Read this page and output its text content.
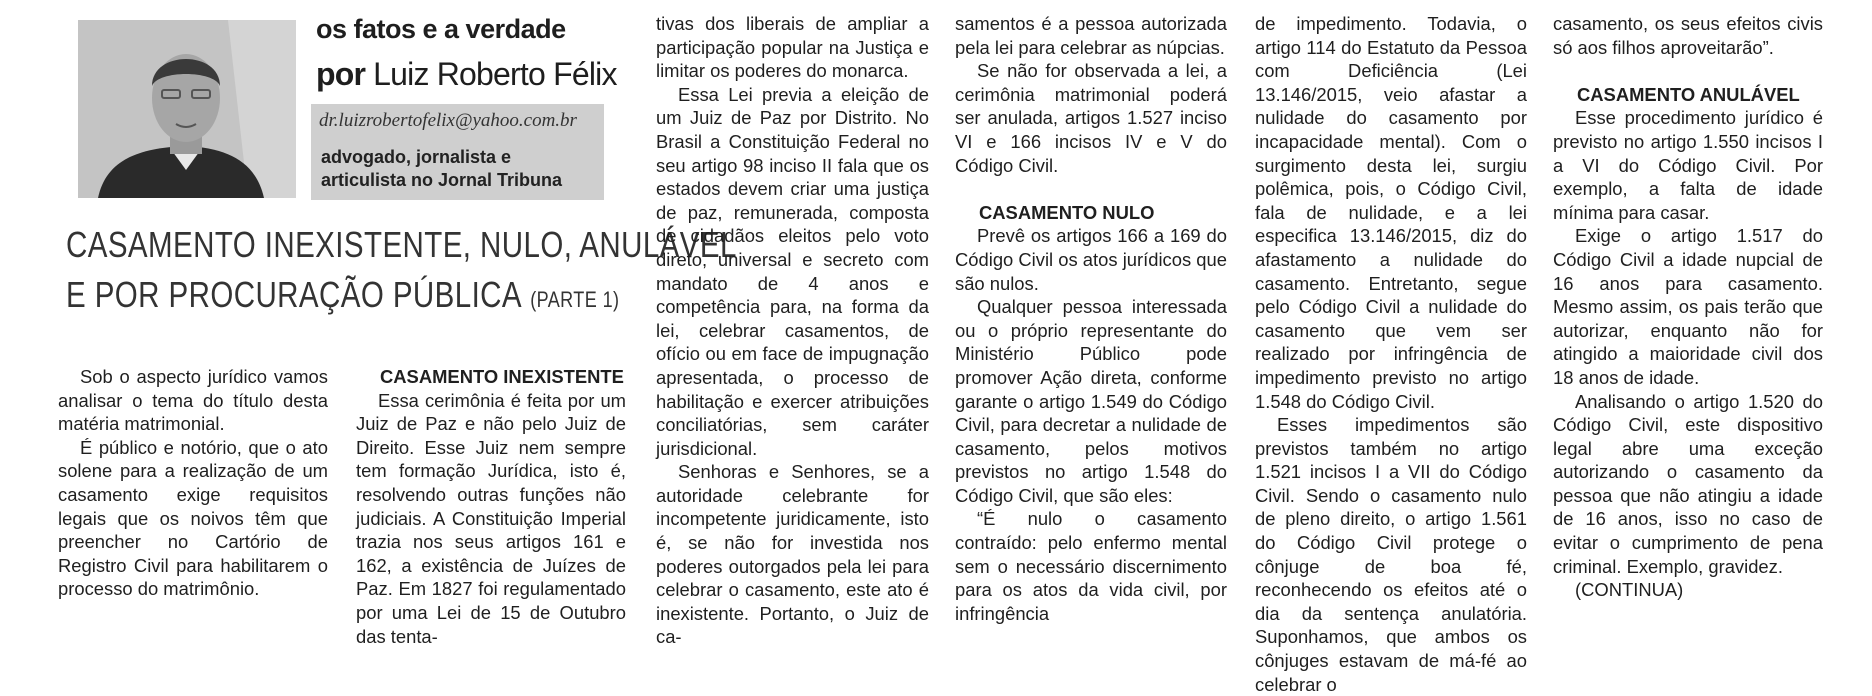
os fatos e a verdade
por Luiz Roberto Félix
dr.luizrobertofelix@yahoo.com.br
advogado, jornalista e articulista no Jornal Tribuna
CASAMENTO INEXISTENTE, NULO, ANULÁVEL
E POR PROCURAÇÃO PÚBLICA (PARTE 1)

Sob o aspecto jurídico vamos analisar o tema do título desta matéria matrimonial.

É público e notório, que o ato solene para a realização de um casamento exige requisitos legais que os noivos têm que preencher no Cartório de Registro Civil para habilitarem o processo do matrimônio.

CASAMENTO INEXISTENTE

Essa cerimônia é feita por um Juiz de Paz e não pelo Juiz de Direito. Esse Juiz nem sempre tem formação Jurídica, isto é, resolvendo outras funções não judiciais. A Constituição Imperial trazia nos seus artigos 161 e 162, a existência de Juízes de Paz. Em 1827 foi regulamentado por uma Lei de 15 de Outubro das tenta-

tivas dos liberais de ampliar a participação popular na Justiça e limitar os poderes do monarca.

Essa Lei previa a eleição de um Juiz de Paz por Distrito. No Brasil a Constituição Federal no seu artigo 98 inciso II fala que os estados devem criar uma justiça de paz, remunerada, composta de cidadãos eleitos pelo voto direto, universal e secreto com mandato de 4 anos e competência para, na forma da lei, celebrar casamentos, de ofício ou em face de impugnação apresentada, o processo de habilitação e exercer atribuições conciliatórias, sem caráter jurisdicional.

Senhoras e Senhores, se a autoridade celebrante for incompetente juridicamente, isto é, se não for investida nos poderes outorgados pela lei para celebrar o casamento, este ato é inexistente. Portanto, o Juiz de ca-

samentos é a pessoa autorizada pela lei para celebrar as núpcias.

Se não for observada a lei, a cerimônia matrimonial poderá ser anulada, artigos 1.527 inciso VI e 166 incisos IV e V do Código Civil.

CASAMENTO NULO

Prevê os artigos 166 a 169 do Código Civil os atos jurídicos que são nulos.

Qualquer pessoa interessada ou o próprio representante do Ministério Público pode promover Ação direta, conforme garante o artigo 1.549 do Código Civil, para decretar a nulidade de casamento, pelos motivos previstos no artigo 1.548 do Código Civil, que são eles:

“É nulo o casamento contraído: pelo enfermo mental sem o necessário discernimento para os atos da vida civil, por infringência

de impedimento. Todavia, o artigo 114 do Estatuto da Pessoa com Deficiência (Lei 13.146/2015, veio afastar a nulidade do casamento por incapacidade mental). Com o surgimento desta lei, surgiu polêmica, pois, o Código Civil, fala de nulidade, e a lei especifica 13.146/2015, diz do afastamento a nulidade do casamento. Entretanto, segue pelo Código Civil a nulidade do casamento que vem ser realizado por infringência de impedimento previsto no artigo 1.548 do Código Civil.

Esses impedimentos são previstos também no artigo 1.521 incisos I a VII do Código Civil. Sendo o casamento nulo de pleno direito, o artigo 1.561 do Código Civil protege o cônjuge de boa fé, reconhecendo os efeitos até o dia da sentença anulatória. Suponhamos, que ambos os cônjuges estavam de má-fé ao celebrar o

casamento, os seus efeitos civis só aos filhos aproveitarão”.

CASAMENTO ANULÁVEL

Esse procedimento jurídico é previsto no artigo 1.550 incisos I a VI do Código Civil. Por exemplo, a falta de idade mínima para casar.

Exige o artigo 1.517 do Código Civil a idade nupcial de 16 anos para casamento. Mesmo assim, os pais terão que autorizar, enquanto não for atingido a maioridade civil dos 18 anos de idade.

Analisando o artigo 1.520 do Código Civil, este dispositivo legal abre uma exceção autorizando o casamento da pessoa que não atingiu a idade de 16 anos, isso no caso de evitar o cumprimento de pena criminal. Exemplo, gravidez.

(CONTINUA)
